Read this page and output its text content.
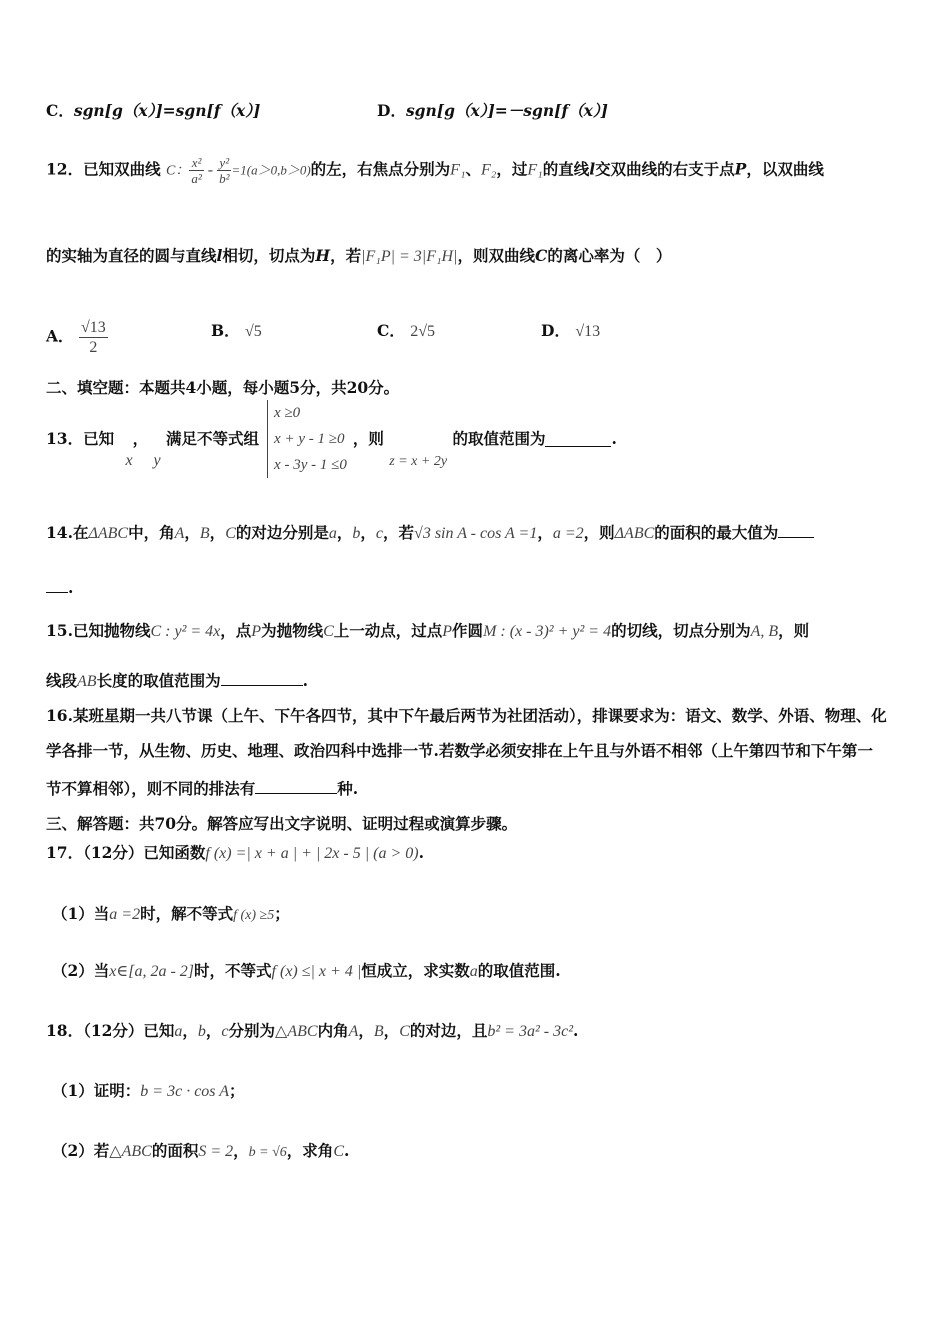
C．sgn[g（x）]=sgn[f（x）]	D．sgn[g（x）]=－sgn[f（x）]
12．已知双曲线 C： $\frac{\text{x²}}{\text{a²}} - \frac{\text{y²}}{\text{b²}} =1(a>0,b>0)$的左，右焦点分别为F₁、F₂，过F₁的直线l交双曲线的右支于点P，以双曲线
的实轴为直径的圆与直线l相切，切点为H，若|F₁P| = 3|F₁H|，则双曲线C的离心率为（　）
A． $\frac{√13}{2}$	B． √5	C． 2√5	D． √13
二、填空题：本题共4小题，每小题5分，共20分。
13．已知 x， y 满足不等式组
x ≥0
x + y - 1 ≥0
x - 3y - 1 ≤0
，则 z = x + 2y 的取值范围为	.
14.在ΔABC中，角A，B，C的对边分别是a，b，c，若√3 sin A - cos A =1，a =2，则ΔABC的面积的最大值为
.
15.已知抛物线C : y² = 4x，点P为抛物线C上一动点，过点P作圆M : (x - 3)² + y² = 4的切线，切点分别为A, B，则
线段AB长度的取值范围为	.
16.某班星期一共八节课（上午、下午各四节，其中下午最后两节为社团活动），排课要求为：语文、数学、外语、物理、化
学各排一节，从生物、历史、地理、政治四科中选排一节.若数学必须安排在上午且与外语不相邻（上午第四节和下午第一
节不算相邻），则不同的排法有	种.
三、解答题：共70分。解答应写出文字说明、证明过程或演算步骤。
17．（12分）已知函数f (x) =| x + a | + | 2x - 5 | (a > 0).
（1）当a =2时，解不等式f (x) ≥5；
（2）当x∈[a, 2a - 2]时，不等式f (x) ≤| x + 4 |恒成立，求实数a的取值范围.
18．（12分）已知a，b，c分别为△ABC内角A，B，C的对边，且b² = 3a² - 3c².
（1）证明：b = 3c · cos A；
（2）若△ABC的面积S = 2，b = √6，求角C.
